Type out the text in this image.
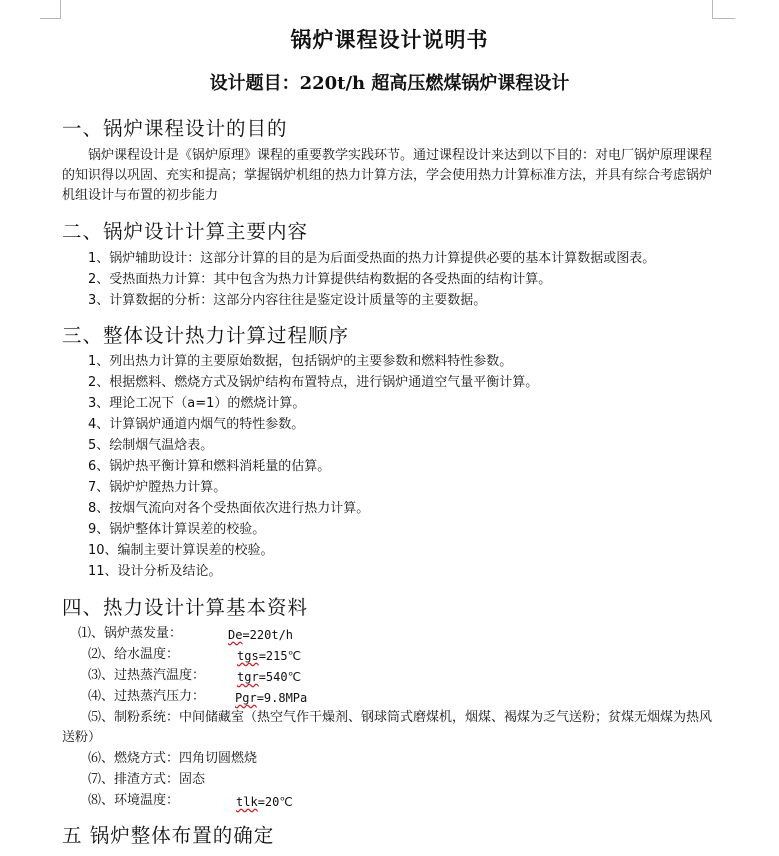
锅炉课程设计说明书
设计题目：220t/h 超高压燃煤锅炉课程设计
一、锅炉课程设计的目的

锅炉课程设计是《锅炉原理》课程的重要教学实践环节。通过课程设计来达到以下目的：对电厂锅炉原理课程的知识得以巩固、充实和提高；掌握锅炉机组的热力计算方法，学会使用热力计算标准方法，并具有综合考虑锅炉机组设计与布置的初步能力

二、锅炉设计计算主要内容
1、锅炉辅助设计：这部分计算的目的是为后面受热面的热力计算提供必要的基本计算数据或图表。
2、受热面热力计算：其中包含为热力计算提供结构数据的各受热面的结构计算。
3、计算数据的分析：这部分内容往往是鉴定设计质量等的主要数据。
三、整体设计热力计算过程顺序
1、列出热力计算的主要原始数据，包括锅炉的主要参数和燃料特性参数。
2、根据燃料、燃烧方式及锅炉结构布置特点，进行锅炉通道空气量平衡计算。
3、理论工况下（a=1）的燃烧计算。
4、计算锅炉通道内烟气的特性参数。
5、绘制烟气温焓表。
6、锅炉热平衡计算和燃料消耗量的估算。
7、锅炉炉膛热力计算。
8、按烟气流向对各个受热面依次进行热力计算。
9、锅炉整体计算误差的校验。
10、编制主要计算误差的校验。
11、设计分析及结论。
四、热力设计计算基本资料
⑴、锅炉蒸发量：	De=220t/h
⑵、给水温度：	tgs=215℃
⑶、过热蒸汽温度：	tgr=540℃
⑷、过热蒸汽压力： Pgr=9.8MPa

⑸、制粉系统：中间储藏室（热空气作干燥剂、钢球筒式磨煤机，烟煤、褐煤为乏气送粉；贫煤无烟煤为热风送粉）

⑹、燃烧方式：四角切圆燃烧
⑺、排渣方式：固态
⑻、环境温度：	tlk=20℃
五 锅炉整体布置的确定
